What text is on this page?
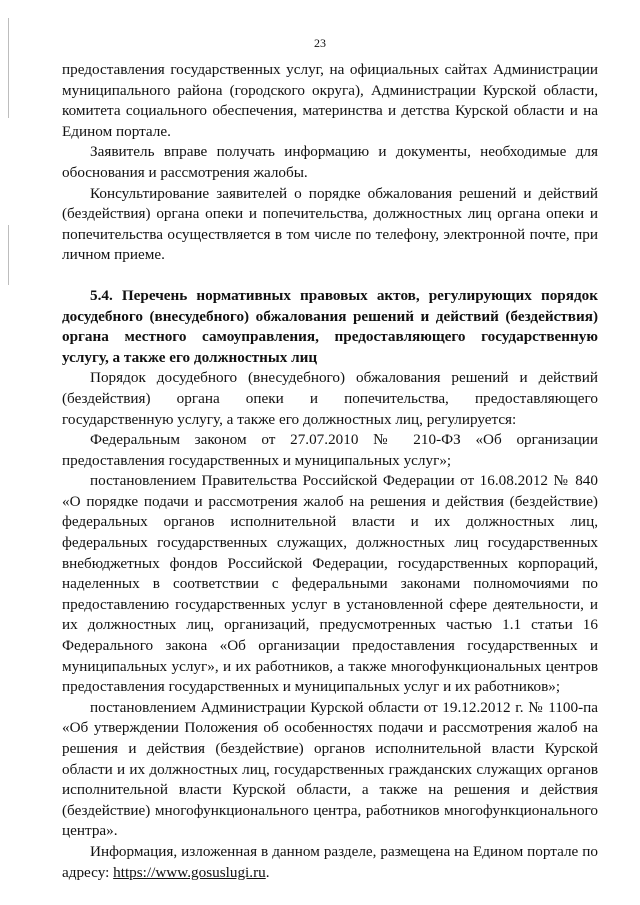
23

предоставления государственных услуг, на официальных сайтах Администрации муниципального района (городского округа), Администрации Курской области, комитета социального обеспечения, материнства и детства Курской области и на Едином портале.

Заявитель вправе получать информацию и документы, необходимые для обоснования и рассмотрения жалобы.

Консультирование заявителей о порядке обжалования решений и действий (бездействия) органа опеки и попечительства, должностных лиц органа опеки и попечительства осуществляется в том числе по телефону, электронной почте, при личном приеме.

5.4. Перечень нормативных правовых актов, регулирующих порядок досудебного (внесудебного) обжалования решений и действий (бездействия) органа местного самоуправления, предоставляющего государственную услугу, а также его должностных лиц

Порядок досудебного (внесудебного) обжалования решений и действий (бездействия) органа опеки и попечительства, предоставляющего государственную услугу, а также его должностных лиц, регулируется:

Федеральным законом от 27.07.2010 № 210-ФЗ «Об организации предоставления государственных и муниципальных услуг»;

постановлением Правительства Российской Федерации от 16.08.2012 № 840 «О порядке подачи и рассмотрения жалоб на решения и действия (бездействие) федеральных органов исполнительной власти и их должностных лиц, федеральных государственных служащих, должностных лиц государственных внебюджетных фондов Российской Федерации, государственных корпораций, наделенных в соответствии с федеральными законами полномочиями по предоставлению государственных услуг в установленной сфере деятельности, и их должностных лиц, организаций, предусмотренных частью 1.1 статьи 16 Федерального закона «Об организации предоставления государственных и муниципальных услуг», и их работников, а также многофункциональных центров предоставления государственных и муниципальных услуг и их работников»;

постановлением Администрации Курской области от 19.12.2012 г. № 1100-па «Об утверждении Положения об особенностях подачи и рассмотрения жалоб на решения и действия (бездействие) органов исполнительной власти Курской области и их должностных лиц, государственных гражданских служащих органов исполнительной власти Курской области, а также на решения и действия (бездействие) многофункционального центра, работников многофункционального центра».

Информация, изложенная в данном разделе, размещена на Едином портале по адресу: https://www.gosuslugi.ru.
